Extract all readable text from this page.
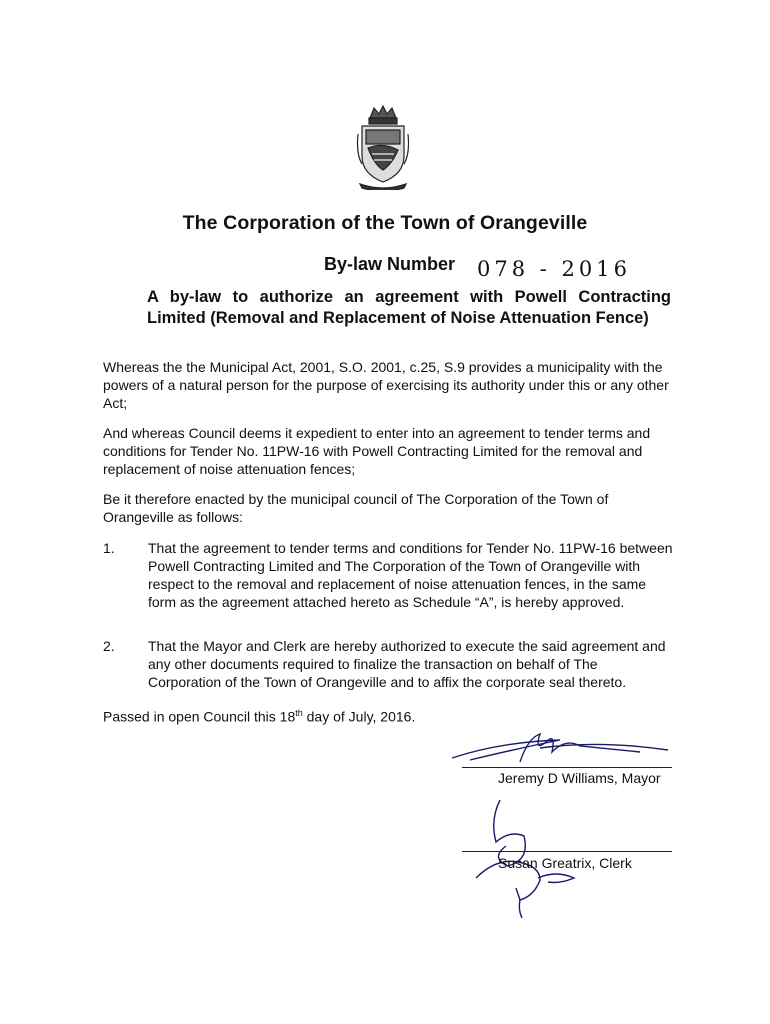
The Corporation of the Town of Orangeville
By-law Number 078 - 2016
A by-law to authorize an agreement with Powell Contracting Limited (Removal and Replacement of Noise Attenuation Fence)
Whereas the the Municipal Act, 2001, S.O. 2001, c.25, S.9 provides a municipality with the powers of a natural person for the purpose of exercising its authority under this or any other Act;
And whereas Council deems it expedient to enter into an agreement to tender terms and conditions for Tender No. 11PW-16 with Powell Contracting Limited for the removal and replacement of noise attenuation fences;
Be it therefore enacted by the municipal council of The Corporation of the Town of Orangeville as follows:
1.	That the agreement to tender terms and conditions for Tender No. 11PW-16 between Powell Contracting Limited and The Corporation of the Town of Orangeville with respect to the removal and replacement of noise attenuation fences, in the same form as the agreement attached hereto as Schedule “A”, is hereby approved.
2.	That the Mayor and Clerk are hereby authorized to execute the said agreement and any other documents required to finalize the transaction on behalf of The Corporation of the Town of Orangeville and to affix the corporate seal thereto.
Passed in open Council this 18th day of July, 2016.
Jeremy D Williams, Mayor
Susan Greatrix, Clerk
